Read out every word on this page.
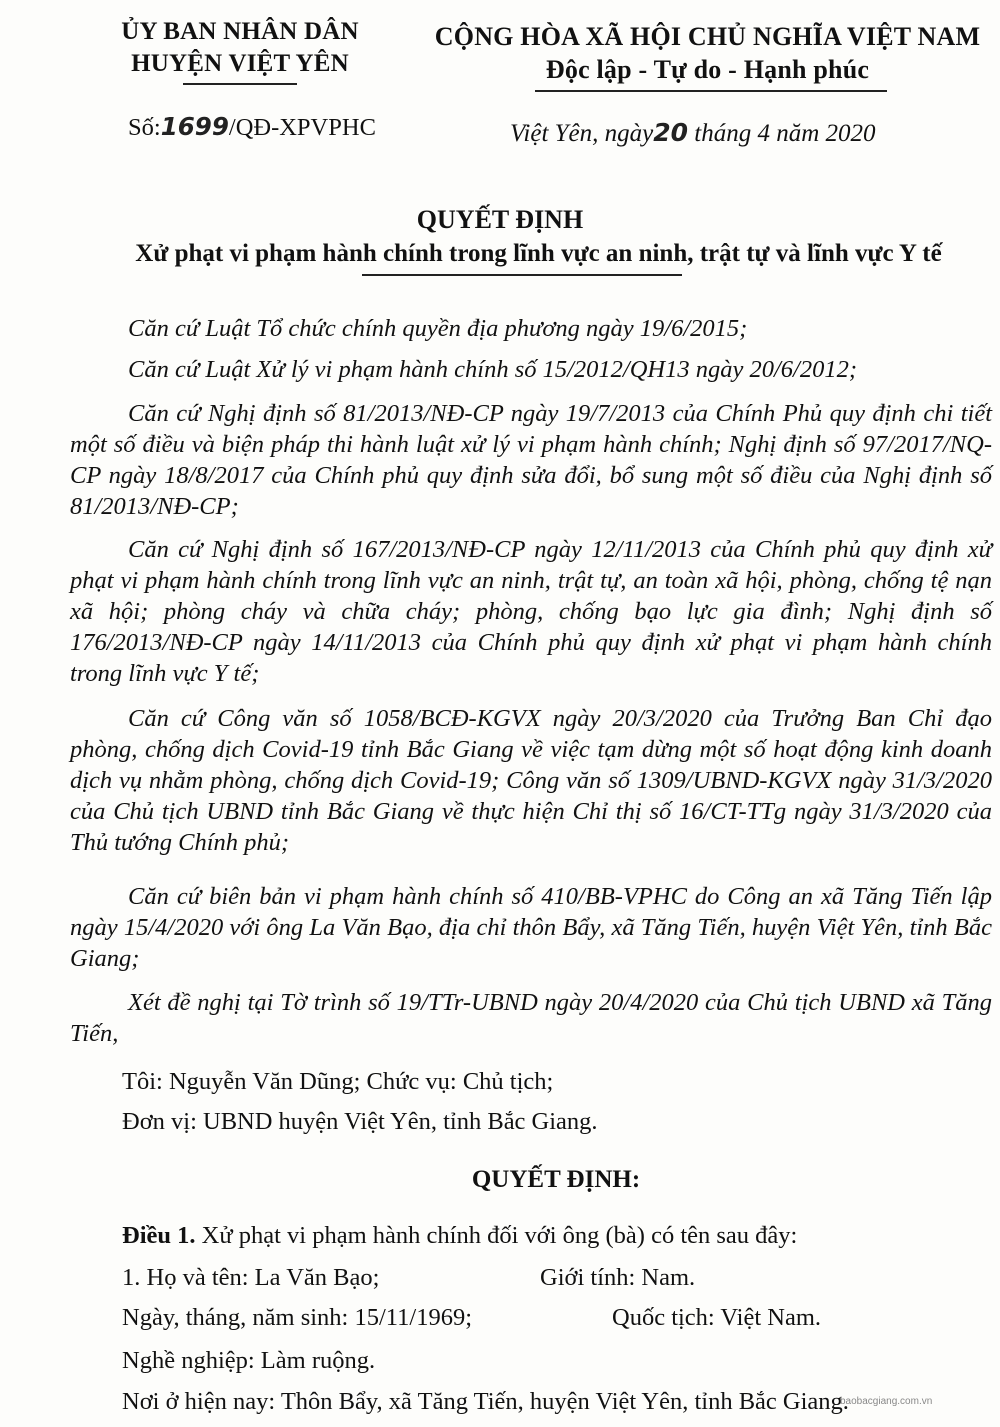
ỦY BAN NHÂN DÂN
HUYỆN VIỆT YÊN
CỘNG HÒA XÃ HỘI CHỦ NGHĨA VIỆT NAM
Độc lập - Tự do - Hạnh phúc
Số:1699/QĐ-XPVPHC	Việt Yên, ngày20 tháng 4 năm 2020
QUYẾT ĐỊNH
Xử phạt vi phạm hành chính trong lĩnh vực an ninh, trật tự và lĩnh vực Y tế
Căn cứ Luật Tổ chức chính quyền địa phương ngày 19/6/2015;
Căn cứ Luật Xử lý vi phạm hành chính số 15/2012/QH13 ngày 20/6/2012;
Căn cứ Nghị định số 81/2013/NĐ-CP ngày 19/7/2013 của Chính Phủ quy định chi tiết một số điều và biện pháp thi hành luật xử lý vi phạm hành chính; Nghị định số 97/2017/NQ-CP ngày 18/8/2017 của Chính phủ quy định sửa đổi, bổ sung một số điều của Nghị định số 81/2013/NĐ-CP;
Căn cứ Nghị định số 167/2013/NĐ-CP ngày 12/11/2013 của Chính phủ quy định xử phạt vi phạm hành chính trong lĩnh vực an ninh, trật tự, an toàn xã hội, phòng, chống tệ nạn xã hội; phòng cháy và chữa cháy; phòng, chống bạo lực gia đình; Nghị định số 176/2013/NĐ-CP ngày 14/11/2013 của Chính phủ quy định xử phạt vi phạm hành chính trong lĩnh vực Y tế;
Căn cứ Công văn số 1058/BCĐ-KGVX ngày 20/3/2020 của Trưởng Ban Chỉ đạo phòng, chống dịch Covid-19 tỉnh Bắc Giang về việc tạm dừng một số hoạt động kinh doanh dịch vụ nhằm phòng, chống dịch Covid-19; Công văn số 1309/UBND-KGVX ngày 31/3/2020 của Chủ tịch UBND tỉnh Bắc Giang về thực hiện Chỉ thị số 16/CT-TTg ngày 31/3/2020 của Thủ tướng Chính phủ;
Căn cứ biên bản vi phạm hành chính số 410/BB-VPHC do Công an xã Tăng Tiến lập ngày 15/4/2020 với ông La Văn Bạo, địa chỉ thôn Bẩy, xã Tăng Tiến, huyện Việt Yên, tỉnh Bắc Giang;
Xét đề nghị tại Tờ trình số 19/TTr-UBND ngày 20/4/2020 của Chủ tịch UBND xã Tăng Tiến,
Tôi: Nguyễn Văn Dũng; Chức vụ: Chủ tịch;
Đơn vị: UBND huyện Việt Yên, tỉnh Bắc Giang.
QUYẾT ĐỊNH:
Điều 1. Xử phạt vi phạm hành chính đối với ông (bà) có tên sau đây:
1. Họ và tên: La Văn Bạo;	Giới tính: Nam.
Ngày, tháng, năm sinh: 15/11/1969;	Quốc tịch: Việt Nam.
Nghề nghiệp: Làm ruộng.
Nơi ở hiện nay: Thôn Bẩy, xã Tăng Tiến, huyện Việt Yên, tỉnh Bắc Giang.
baobacgiang.com.vn
